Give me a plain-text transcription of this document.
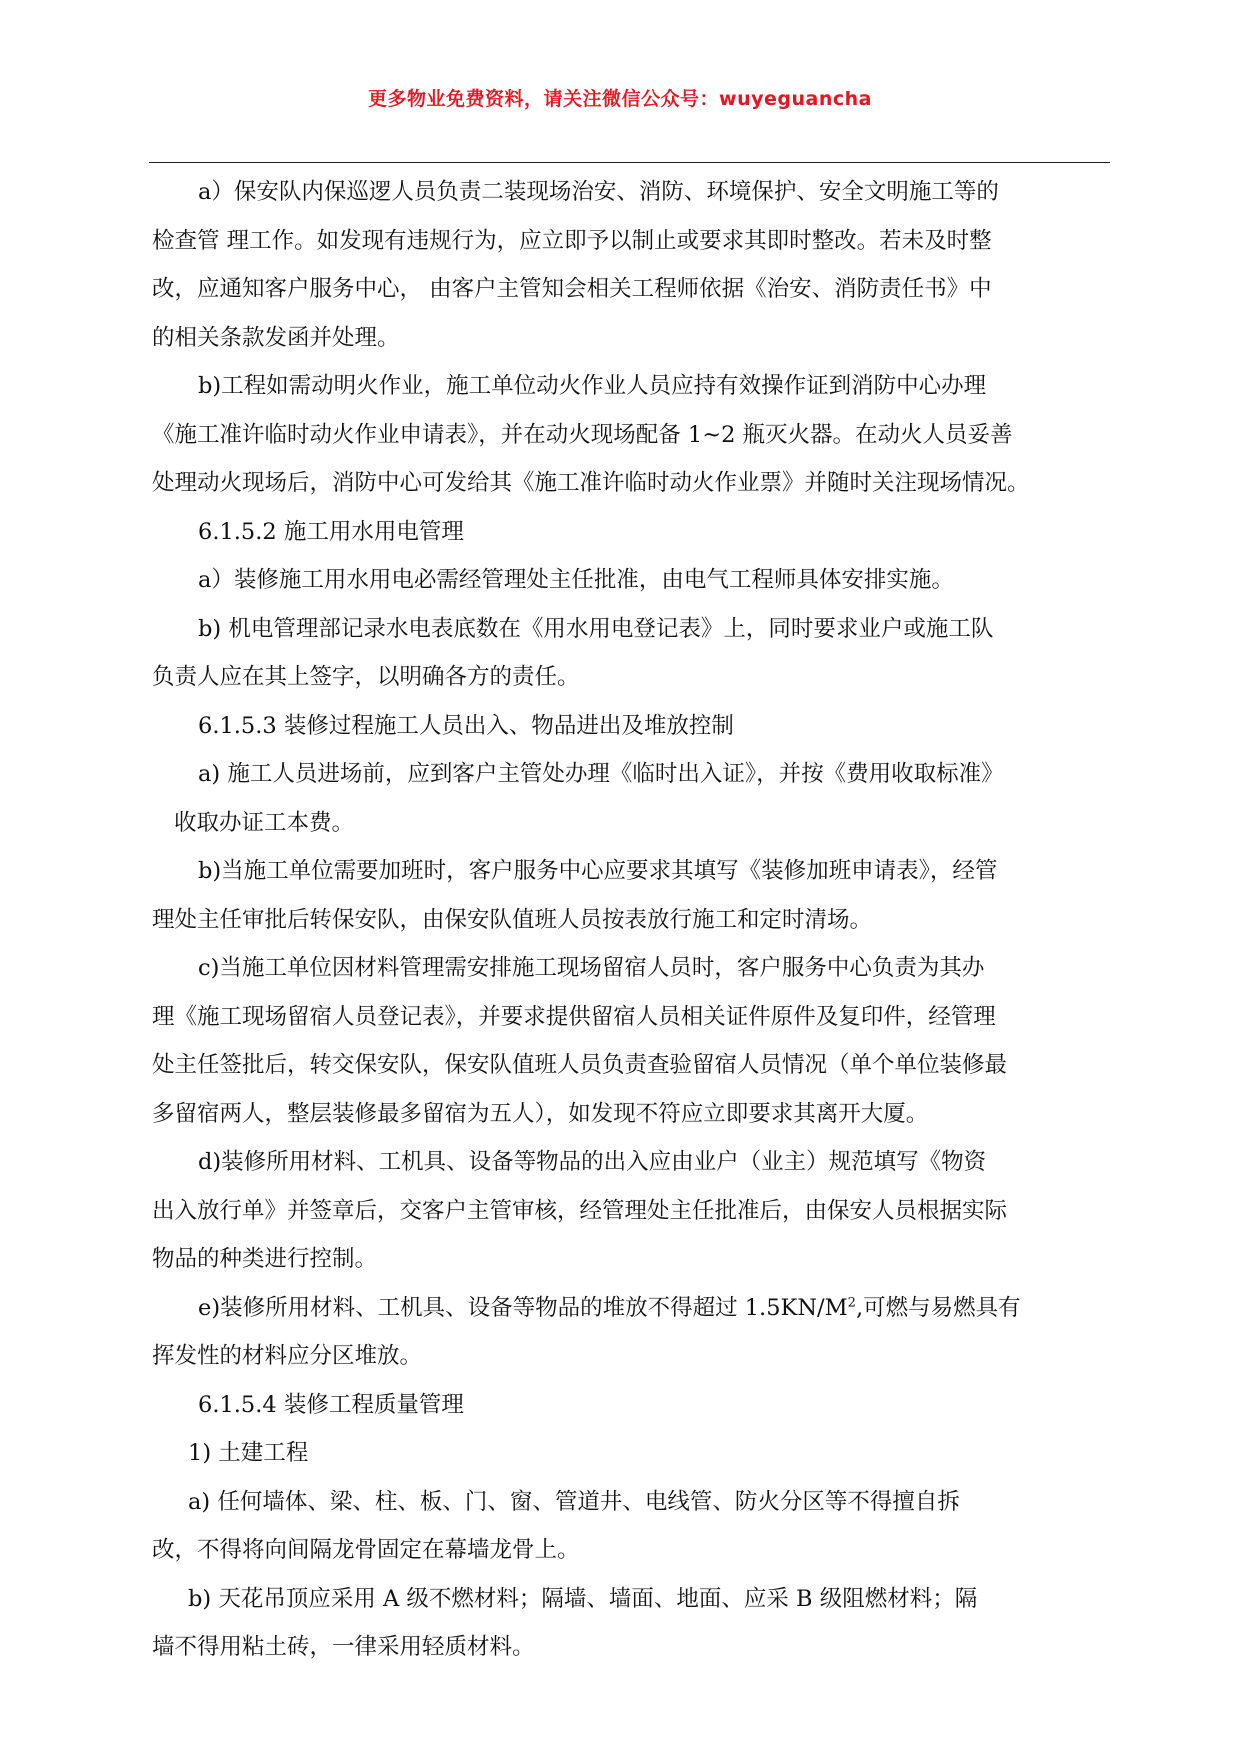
更多物业免费资料，请关注微信公众号：wuyeguancha
a）保安队内保巡逻人员负责二装现场治安、消防、环境保护、安全文明施工等的
检查管 理工作。如发现有违规行为，应立即予以制止或要求其即时整改。若未及时整
改，应通知客户服务中心， 由客户主管知会相关工程师依据《治安、消防责任书》中
的相关条款发函并处理。
b)工程如需动明火作业，施工单位动火作业人员应持有效操作证到消防中心办理
《施工准许临时动火作业申请表》，并在动火现场配备 1~2 瓶灭火器。在动火人员妥善
处理动火现场后，消防中心可发给其《施工准许临时动火作业票》并随时关注现场情况。
6.1.5.2 施工用水用电管理
a）装修施工用水用电必需经管理处主任批准，由电气工程师具体安排实施。
b) 机电管理部记录水电表底数在《用水用电登记表》上，同时要求业户或施工队
负责人应在其上签字，以明确各方的责任。
6.1.5.3 装修过程施工人员出入、物品进出及堆放控制
a) 施工人员进场前，应到客户主管处办理《临时出入证》，并按《费用收取标准》
收取办证工本费。
b)当施工单位需要加班时，客户服务中心应要求其填写《装修加班申请表》，经管
理处主任审批后转保安队，由保安队值班人员按表放行施工和定时清场。
c)当施工单位因材料管理需安排施工现场留宿人员时，客户服务中心负责为其办
理《施工现场留宿人员登记表》，并要求提供留宿人员相关证件原件及复印件，经管理
处主任签批后，转交保安队，保安队值班人员负责查验留宿人员情况（单个单位装修最
多留宿两人，整层装修最多留宿为五人），如发现不符应立即要求其离开大厦。
d)装修所用材料、工机具、设备等物品的出入应由业户（业主）规范填写《物资
出入放行单》并签章后，交客户主管审核，经管理处主任批准后，由保安人员根据实际
物品的种类进行控制。
e)装修所用材料、工机具、设备等物品的堆放不得超过 $1.5KN/M^2$,可燃与易燃具有
挥发性的材料应分区堆放。
6.1.5.4 装修工程质量管理
1) 土建工程
a) 任何墙体、梁、柱、板、门、窗、管道井、电线管、防火分区等不得擅自拆
改，不得将向间隔龙骨固定在幕墙龙骨上。
b) 天花吊顶应采用 A 级不燃材料；隔墙、墙面、地面、应采 B 级阻燃材料；隔
墙不得用粘土砖，一律采用轻质材料。
